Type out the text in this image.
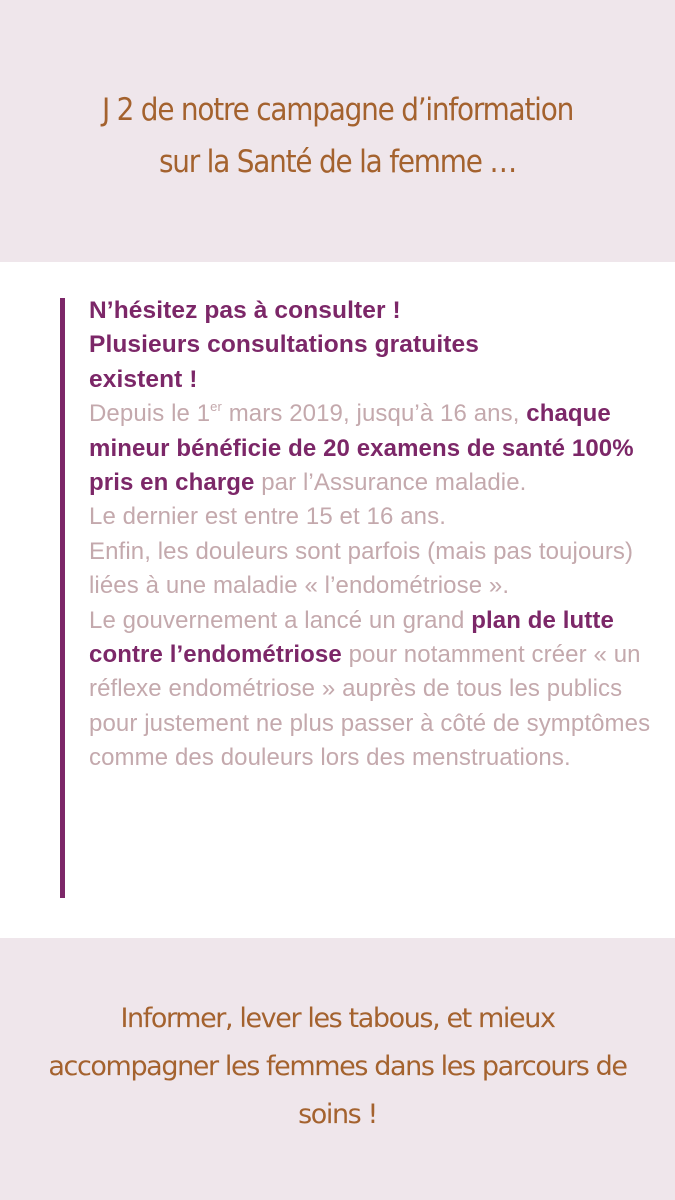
J 2 de notre campagne d’information
sur la Santé de la femme …
N’hésitez pas à consulter !
Plusieurs consultations gratuites
existent !
Depuis le 1er mars 2019, jusqu’à 16 ans, chaque mineur bénéficie de 20 examens de santé 100% pris en charge par l’Assurance maladie.
Le dernier est entre 15 et 16 ans.
Enfin, les douleurs sont parfois (mais pas toujours) liées à une maladie « l’endométriose ».
Le gouvernement a lancé un grand plan de lutte contre l’endométriose pour notamment créer « un réflexe endométriose » auprès de tous les publics pour justement ne plus passer à côté de symptômes comme des douleurs lors des menstruations.
Informer, lever les tabous, et mieux
accompagner les femmes dans les parcours de
soins !
